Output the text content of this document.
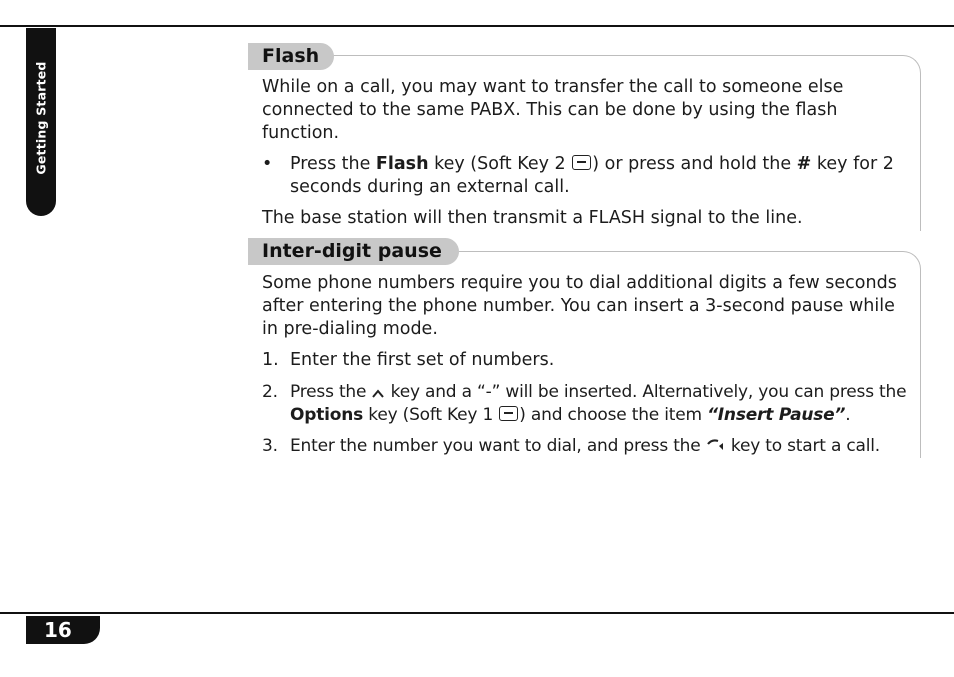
Getting Started
Flash

While on a call, you may want to transfer the call to someone else connected to the same PABX. This can be done by using the flash function.

• Press the Flash key (Soft Key 2 ) or press and hold the # key for 2 seconds during an external call.

The base station will then transmit a FLASH signal to the line.

Inter-digit pause

Some phone numbers require you to dial additional digits a few seconds after entering the phone number. You can insert a 3-second pause while in pre-dialing mode.

1. Enter the first set of numbers.
2. Press the  key and a “-” will be inserted. Alternatively, you can press the Options key (Soft Key 1 ) and choose the item “Insert Pause”.
3. Enter the number you want to dial, and press the  key to start a call.
16
